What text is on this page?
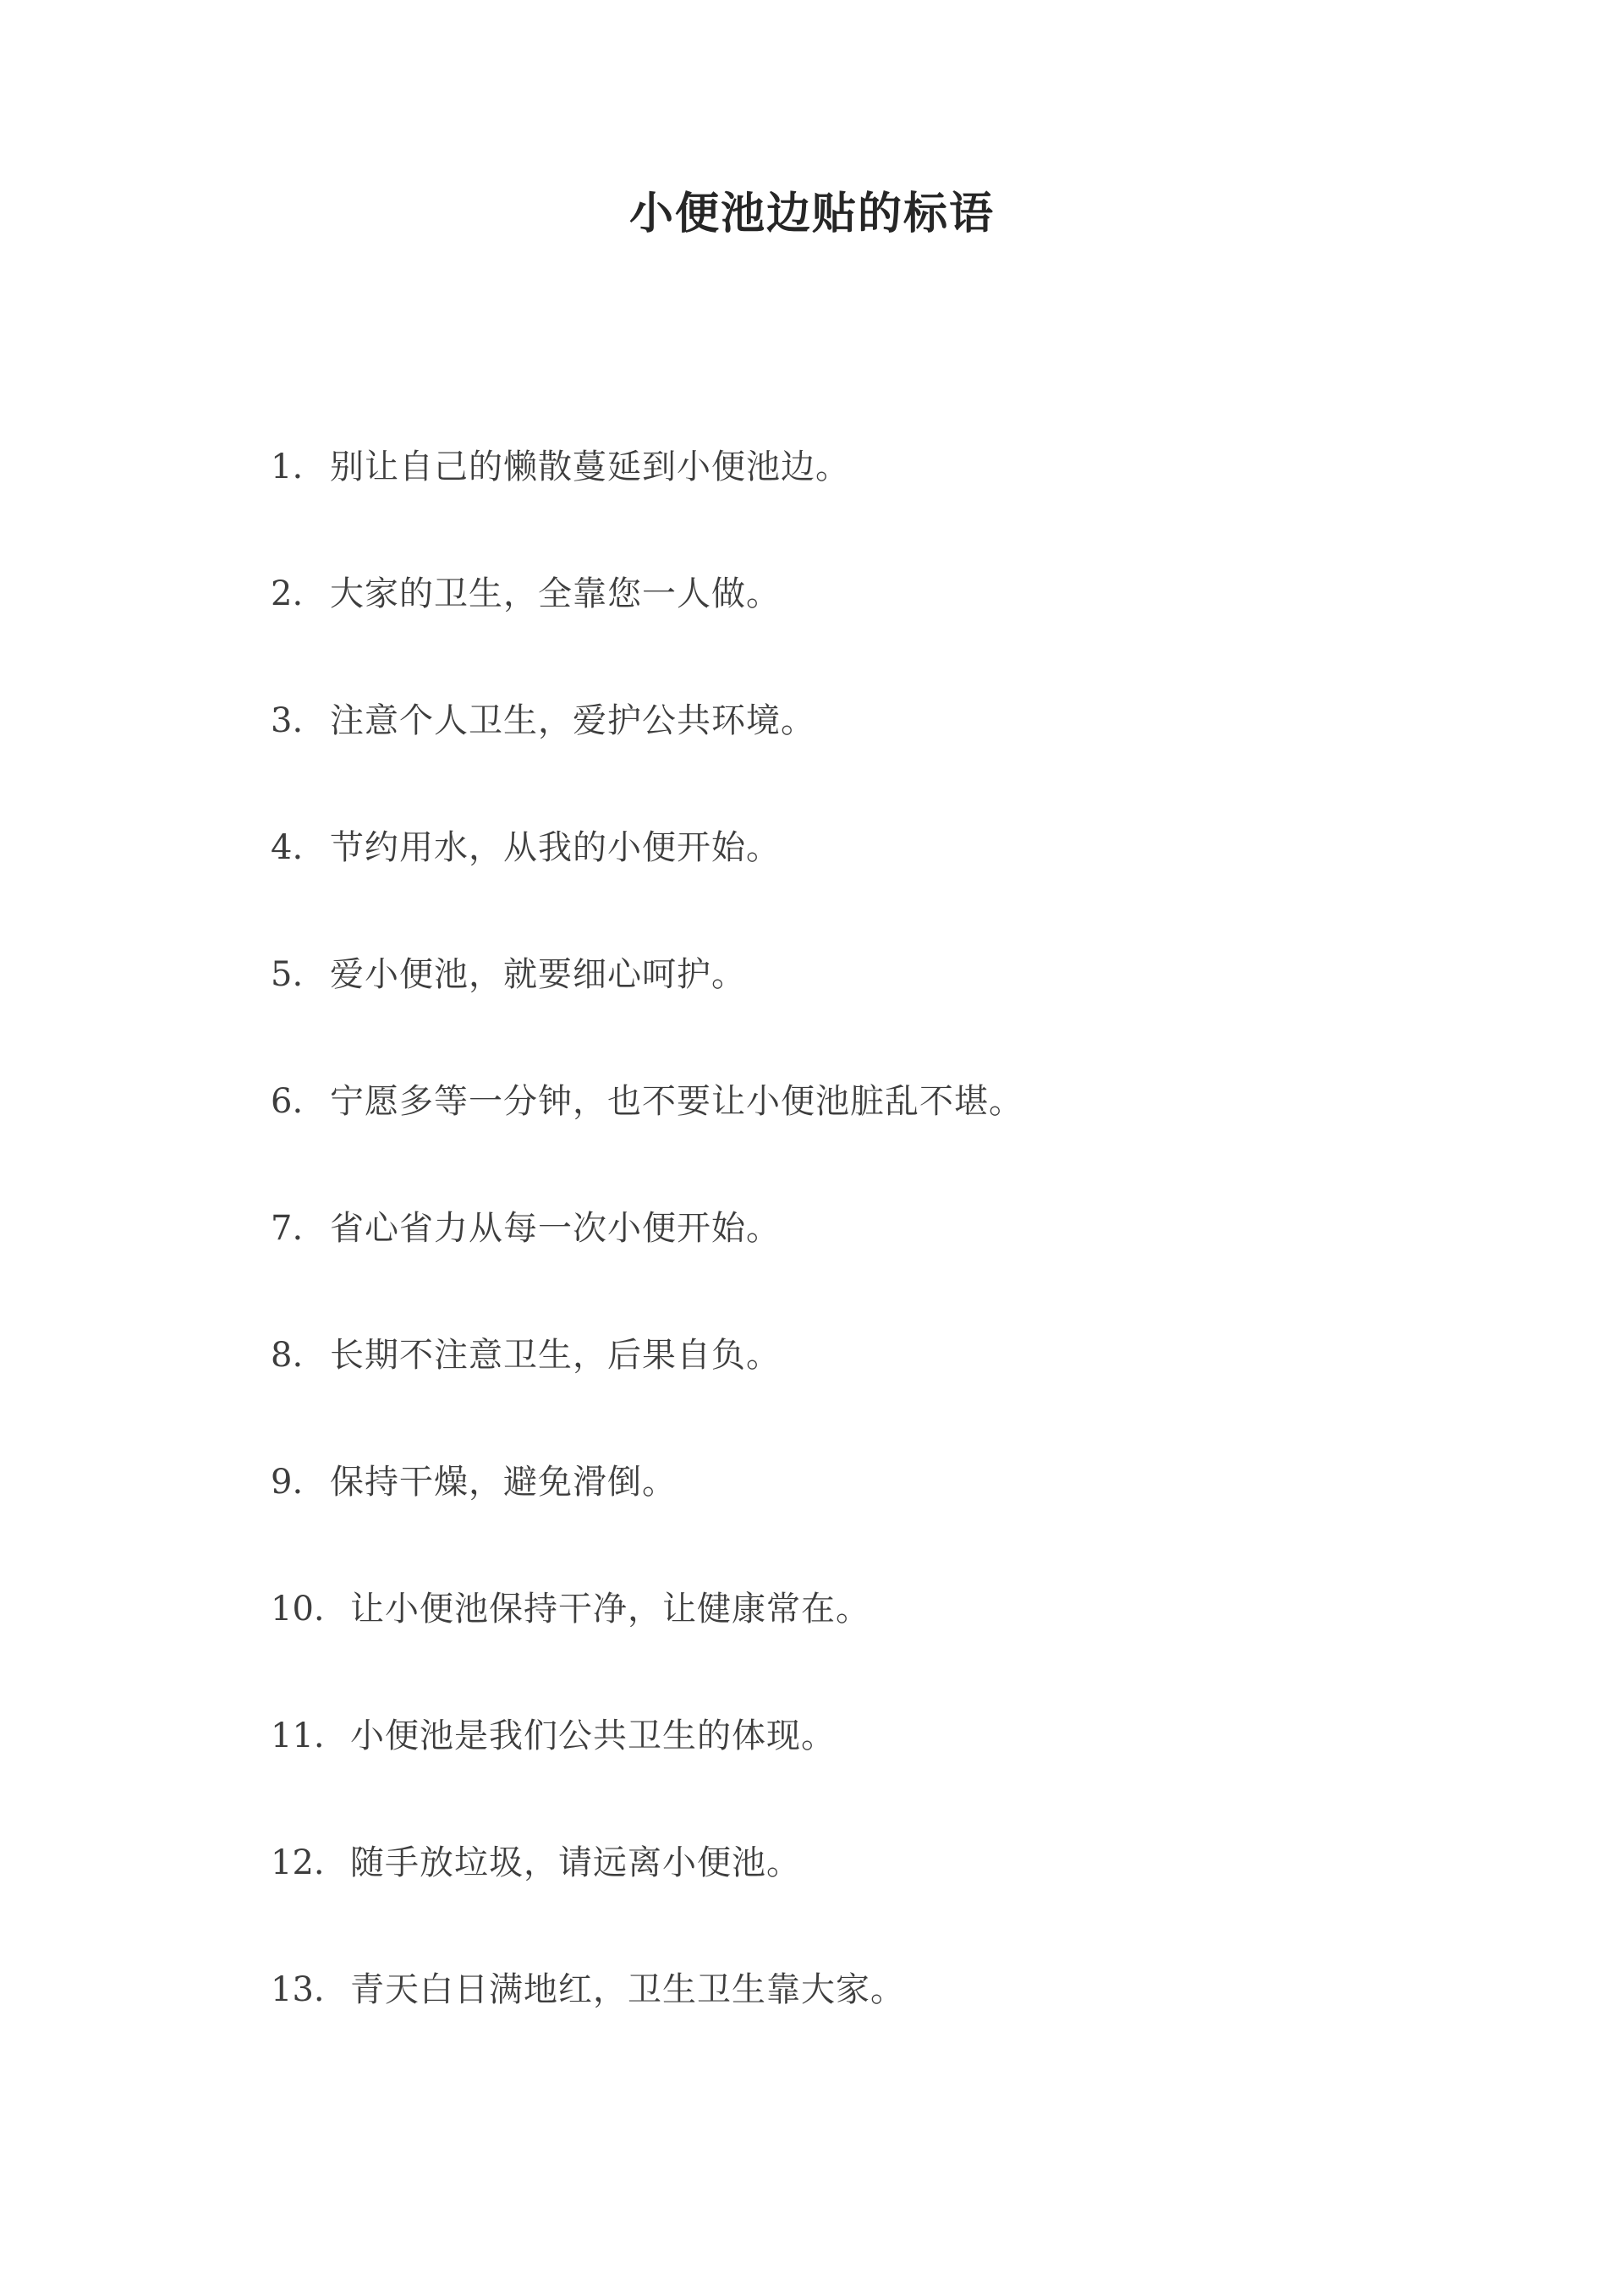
小便池边贴的标语
1. 别让自己的懒散蔓延到小便池边。
2. 大家的卫生，全靠您一人做。
3. 注意个人卫生，爱护公共环境。
4. 节约用水，从我的小便开始。
5. 爱小便池，就要细心呵护。
6. 宁愿多等一分钟，也不要让小便池脏乱不堪。
7. 省心省力从每一次小便开始。
8. 长期不注意卫生，后果自负。
9. 保持干燥，避免滑倒。
10. 让小便池保持干净，让健康常在。
11. 小便池是我们公共卫生的体现。
12. 随手放垃圾，请远离小便池。
13. 青天白日满地红，卫生卫生靠大家。
